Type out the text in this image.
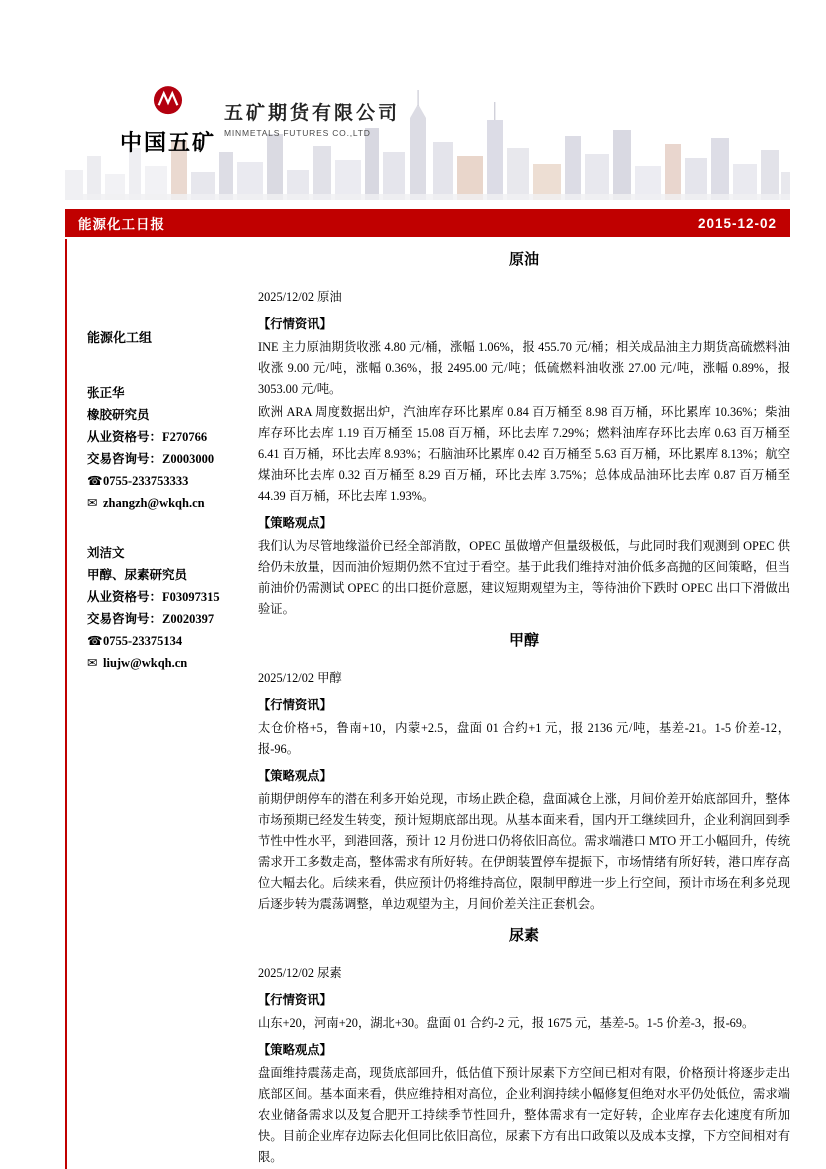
中国五矿
五矿期货有限公司
MINMETALS FUTURES CO.,LTD
能源化工日报	2015-12-02
能源化工组
张正华
橡胶研究员
从业资格号：F270766
交易咨询号：Z0003000
☎0755-233753333
✉ zhangzh@wkqh.cn
刘洁文
甲醇、尿素研究员
从业资格号：F03097315
交易咨询号：Z0020397
☎0755-23375134
✉ liujw@wkqh.cn
原油

2025/12/02 原油

【行情资讯】

INE 主力原油期货收涨 4.80 元/桶，涨幅 1.06%，报 455.70 元/桶；相关成品油主力期货高硫燃料油收涨 9.00 元/吨，涨幅 0.36%，报 2495.00 元/吨；低硫燃料油收涨 27.00 元/吨，涨幅 0.89%，报 3053.00 元/吨。

欧洲 ARA 周度数据出炉，汽油库存环比累库 0.84 百万桶至 8.98 百万桶，环比累库 10.36%；柴油库存环比去库 1.19 百万桶至 15.08 百万桶，环比去库 7.29%；燃料油库存环比去库 0.63 百万桶至 6.41 百万桶，环比去库 8.93%；石脑油环比累库 0.42 百万桶至 5.63 百万桶，环比累库 8.13%；航空煤油环比去库 0.32 百万桶至 8.29 百万桶，环比去库 3.75%；总体成品油环比去库 0.87 百万桶至 44.39 百万桶，环比去库 1.93%。

【策略观点】

我们认为尽管地缘溢价已经全部消散，OPEC 虽做增产但量级极低，与此同时我们观测到 OPEC 供给仍未放量，因而油价短期仍然不宜过于看空。基于此我们维持对油价低多高抛的区间策略，但当前油价仍需测试 OPEC 的出口挺价意愿，建议短期观望为主，等待油价下跌时 OPEC 出口下滑做出验证。

甲醇

2025/12/02 甲醇

【行情资讯】

太仓价格+5，鲁南+10，内蒙+2.5，盘面 01 合约+1 元，报 2136 元/吨，基差-21。1-5 价差-12，报-96。

【策略观点】

前期伊朗停车的潜在利多开始兑现，市场止跌企稳，盘面减仓上涨，月间价差开始底部回升，整体市场预期已经发生转变，预计短期底部出现。从基本面来看，国内开工继续回升，企业利润回到季节性中性水平，到港回落，预计 12 月份进口仍将依旧高位。需求端港口 MTO 开工小幅回升，传统需求开工多数走高，整体需求有所好转。在伊朗装置停车提振下，市场情绪有所好转，港口库存高位大幅去化。后续来看，供应预计仍将维持高位，限制甲醇进一步上行空间，预计市场在利多兑现后逐步转为震荡调整，单边观望为主，月间价差关注正套机会。

尿素

2025/12/02 尿素

【行情资讯】

山东+20，河南+20，湖北+30。盘面 01 合约-2 元，报 1675 元，基差-5。1-5 价差-3，报-69。

【策略观点】

盘面维持震荡走高，现货底部回升，低估值下预计尿素下方空间已相对有限，价格预计将逐步走出底部区间。基本面来看，供应维持相对高位，企业利润持续小幅修复但绝对水平仍处低位，需求端农业储备需求以及复合肥开工持续季节性回升，整体需求有一定好转，企业库存去化速度有所加快。目前企业库存边际去化但同比依旧高位，尿素下方有出口政策以及成本支撑，下方空间相对有限。
